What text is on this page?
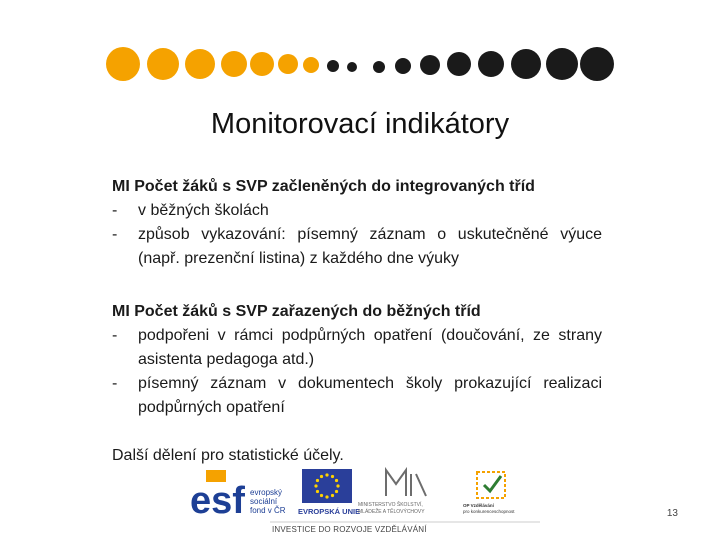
Monitorovací indikátory
MI Počet žáků s SVP začleněných do integrovaných tříd
-	v běžných školách
-	způsob vykazování: písemný záznam o uskutečněné výuce (např. prezenční listina) z každého dne výuky
MI Počet žáků s SVP zařazených do běžných tříd
-	podpořeni v rámci podpůrných opatření (doučování, ze strany asistenta pedagoga atd.)
-	písemný záznam v dokumentech školy prokazující realizaci podpůrných opatření
Další dělení pro statistické účely.
esf evropský
sociální
fond v ČR EVROPSKÁ UNIE
MINISTERSTVO ŠKOLSTVÍ,
MLÁDEŽE A TĚLOVÝCHOVY
OP Vzdělávání
pro konkurenceschopnost
INVESTICE DO ROZVOJE VZDĚLÁVÁNÍ
13
